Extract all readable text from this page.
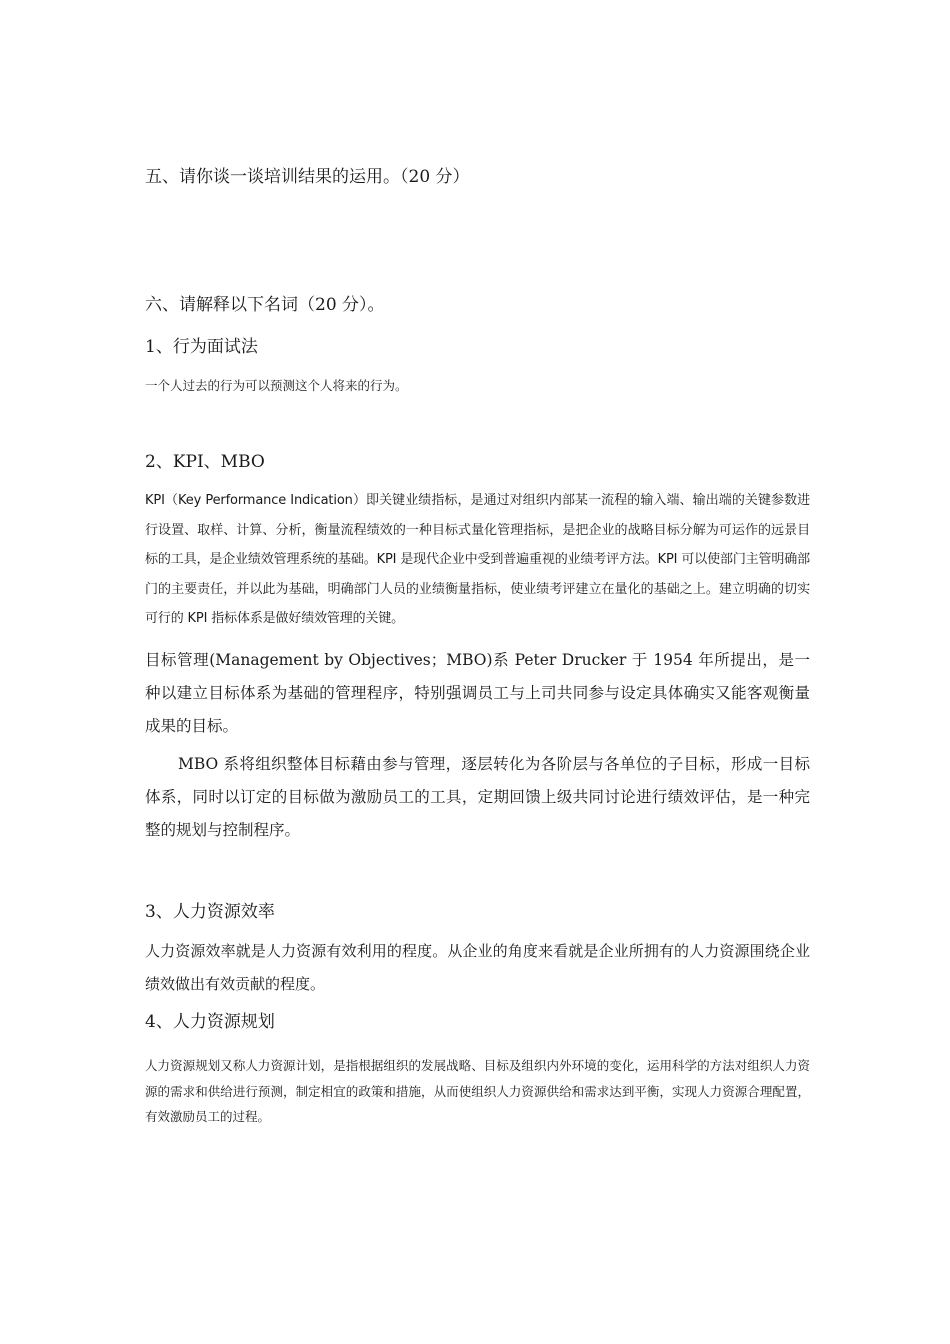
五、请你谈一谈培训结果的运用。（20 分）
六、请解释以下名词（20 分）。
1、行为面试法
一个人过去的行为可以预测这个人将来的行为。
2、KPI、MBO

KPI（Key Performance Indication）即关键业绩指标，是通过对组织内部某一流程的输入端、输出端的关键参数进行设置、取样、计算、分析，衡量流程绩效的一种目标式量化管理指标，是把企业的战略目标分解为可运作的远景目标的工具，是企业绩效管理系统的基础。KPI 是现代企业中受到普遍重视的业绩考评方法。KPI 可以使部门主管明确部门的主要责任，并以此为基础，明确部门人员的业绩衡量指标，使业绩考评建立在量化的基础之上。建立明确的切实可行的 KPI 指标体系是做好绩效管理的关键。

目标管理(Management by Objectives；MBO)系 Peter Drucker 于 1954 年所提出，是一种以建立目标体系为基础的管理程序，特别强调员工与上司共同参与设定具体确实又能客观衡量成果的目标。

MBO 系将组织整体目标藉由参与管理，逐层转化为各阶层与各单位的子目标，形成一目标体系，同时以订定的目标做为激励员工的工具，定期回馈上级共同讨论进行绩效评估，是一种完整的规划与控制程序。

3、人力资源效率

人力资源效率就是人力资源有效利用的程度。从企业的角度来看就是企业所拥有的人力资源围绕企业绩效做出有效贡献的程度。

4、人力资源规划

人力资源规划又称人力资源计划，是指根据组织的发展战略、目标及组织内外环境的变化，运用科学的方法对组织人力资源的需求和供给进行预测，制定相宜的政策和措施，从而使组织人力资源供给和需求达到平衡，实现人力资源合理配置，有效激励员工的过程。
